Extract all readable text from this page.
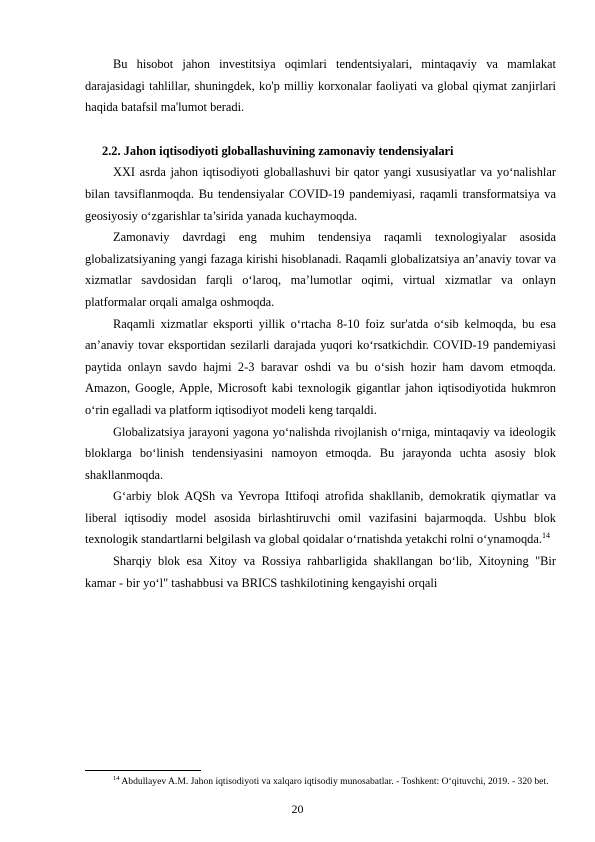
Bu hisobot jahon investitsiya oqimlari tendentsiyalari, mintaqaviy va mamlakat darajasidagi tahlillar, shuningdek, ko'p milliy korxonalar faoliyati va global qiymat zanjirlari haqida batafsil ma'lumot beradi.

2.2. Jahon iqtisodiyoti globallashuvining zamonaviy tendensiyalari

XXI asrda jahon iqtisodiyoti globallashuvi bir qator yangi xususiyatlar va yo‘nalishlar bilan tavsiflanmoqda. Bu tendensiyalar COVID-19 pandemiyasi, raqamli transformatsiya va geosiyosiy o‘zgarishlar ta’sirida yanada kuchaymoqda.

Zamonaviy davrdagi eng muhim tendensiya raqamli texnologiyalar asosida globalizatsiyaning yangi fazaga kirishi hisoblanadi. Raqamli globalizatsiya an’anaviy tovar va xizmatlar savdosidan farqli o‘laroq, ma’lumotlar oqimi, virtual xizmatlar va onlayn platformalar orqali amalga oshmoqda.

Raqamli xizmatlar eksporti yillik o‘rtacha 8-10 foiz sur'atda o‘sib kelmoqda, bu esa an’anaviy tovar eksportidan sezilarli darajada yuqori ko‘rsatkichdir. COVID-19 pandemiyasi paytida onlayn savdo hajmi 2-3 baravar oshdi va bu o‘sish hozir ham davom etmoqda. Amazon, Google, Apple, Microsoft kabi texnologik gigantlar jahon iqtisodiyotida hukmron o‘rin egalladi va platform iqtisodiyot modeli keng tarqaldi.

Globalizatsiya jarayoni yagona yo‘nalishda rivojlanish o‘rniga, mintaqaviy va ideologik bloklarga bo‘linish tendensiyasini namoyon etmoqda. Bu jarayonda uchta asosiy blok shakllanmoqda.

G‘arbiy blok AQSh va Yevropa Ittifoqi atrofida shakllanib, demokratik qiymatlar va liberal iqtisodiy model asosida birlashtiruvchi omil vazifasini bajarmoqda. Ushbu blok texnologik standartlarni belgilash va global qoidalar o‘rnatishda yetakchi rolni o‘ynamoqda.$^{14}$

Sharqiy blok esa Xitoy va Rossiya rahbarligida shakllangan bo‘lib, Xitoyning "Bir kamar - bir yo‘l" tashabbusi va BRICS tashkilotining kengayishi orqali

$^{14}$ Abdullayev A.M. Jahon iqtisodiyoti va xalqaro iqtisodiy munosabatlar. - Toshkent: O‘qituvchi, 2019. - 320 bet.
20
